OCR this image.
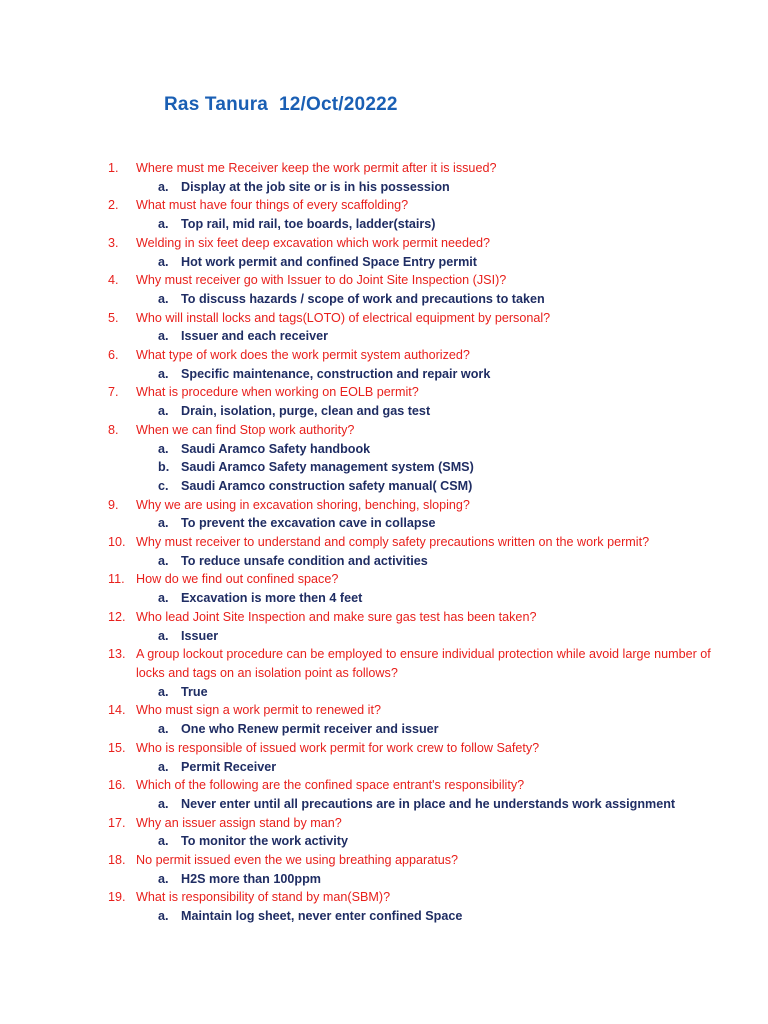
Ras Tanura  12/Oct/20222
1.	Where must me Receiver keep the work permit after it is issued?
a. Display at the job site or is in his possession
2.	What must have four things of every scaffolding?
a. Top rail, mid rail, toe boards, ladder(stairs)
3.	Welding in six feet deep excavation which work permit needed?
a. Hot work permit and confined Space Entry permit
4.	Why must receiver go with Issuer to do Joint Site Inspection (JSI)?
a. To discuss hazards / scope of work and precautions to taken
5.	Who will install locks and tags(LOTO) of electrical equipment by personal?
a. Issuer and each receiver
6.	What type of work does the work permit system authorized?
a. Specific maintenance, construction and repair work
7.	What is procedure when working on EOLB permit?
a. Drain, isolation, purge, clean and gas test
8.	When we can find Stop work authority?
a. Saudi Aramco Safety handbook
b. Saudi Aramco Safety management system (SMS)
c. Saudi Aramco construction safety manual( CSM)
9.	Why we are using in excavation shoring, benching, sloping?
a. To prevent the excavation cave in collapse
10. Why must receiver to understand and comply safety precautions written on the work permit?
a. To reduce unsafe condition and activities
11. How do we find out confined space?
a. Excavation is more then 4 feet
12. Who lead Joint Site Inspection and make sure gas test has been taken?
a. Issuer
13. A group lockout procedure can be employed to ensure individual protection while avoid large number of locks and tags on an isolation point as follows?
a. True
14. Who must sign a work permit to renewed it?
a. One who Renew permit receiver and issuer
15. Who is responsible of issued work permit for work crew to follow Safety?
a. Permit Receiver
16. Which of the following are the confined space entrant's responsibility?
a. Never enter until all precautions are in place and he understands work assignment
17. Why an issuer assign stand by man?
a. To monitor the work activity
18. No permit issued even the we using breathing apparatus?
a. H2S more than 100ppm
19. What is responsibility of stand by man(SBM)?
a. Maintain log sheet, never enter confined Space
